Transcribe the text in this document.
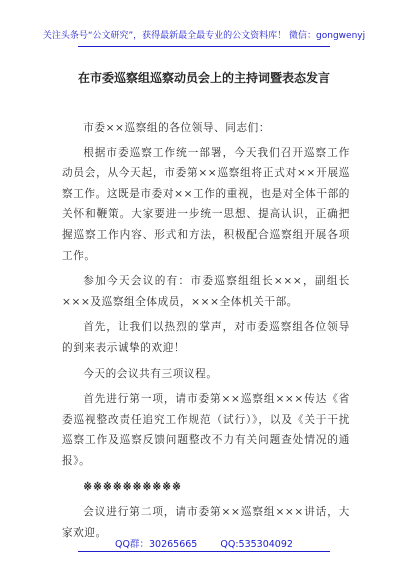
关注头条号“公文研究”，获得最新最全最专业的公文资料库！ 微信：gongwenyj
在市委巡察组巡察动员会上的主持词暨表态发言

市委××巡察组的各位领导、同志们：

根据市委巡察工作统一部署，今天我们召开巡察工作动员会，从今天起，市委第××巡察组将正式对××开展巡察工作。这既是市委对××工作的重视，也是对全体干部的关怀和鞭策。大家要进一步统一思想、提高认识，正确把握巡察工作内容、形式和方法，积极配合巡察组开展各项工作。

参加今天会议的有：市委巡察组组长×××，副组长×××及巡察组全体成员，×××全体机关干部。

首先，让我们以热烈的掌声，对市委巡察组各位领导的到来表示诚挚的欢迎！

今天的会议共有三项议程。

首先进行第一项，请市委第××巡察组×××传达《省委巡视整改责任追究工作规范（试行）》，以及《关于干扰巡察工作及巡察反馈问题整改不力有关问题查处情况的通报》。

※※※※※※※※※※

会议进行第二项，请市委第××巡察组×××讲话，大家欢迎。

QQ群：30265665 QQ:535304092
